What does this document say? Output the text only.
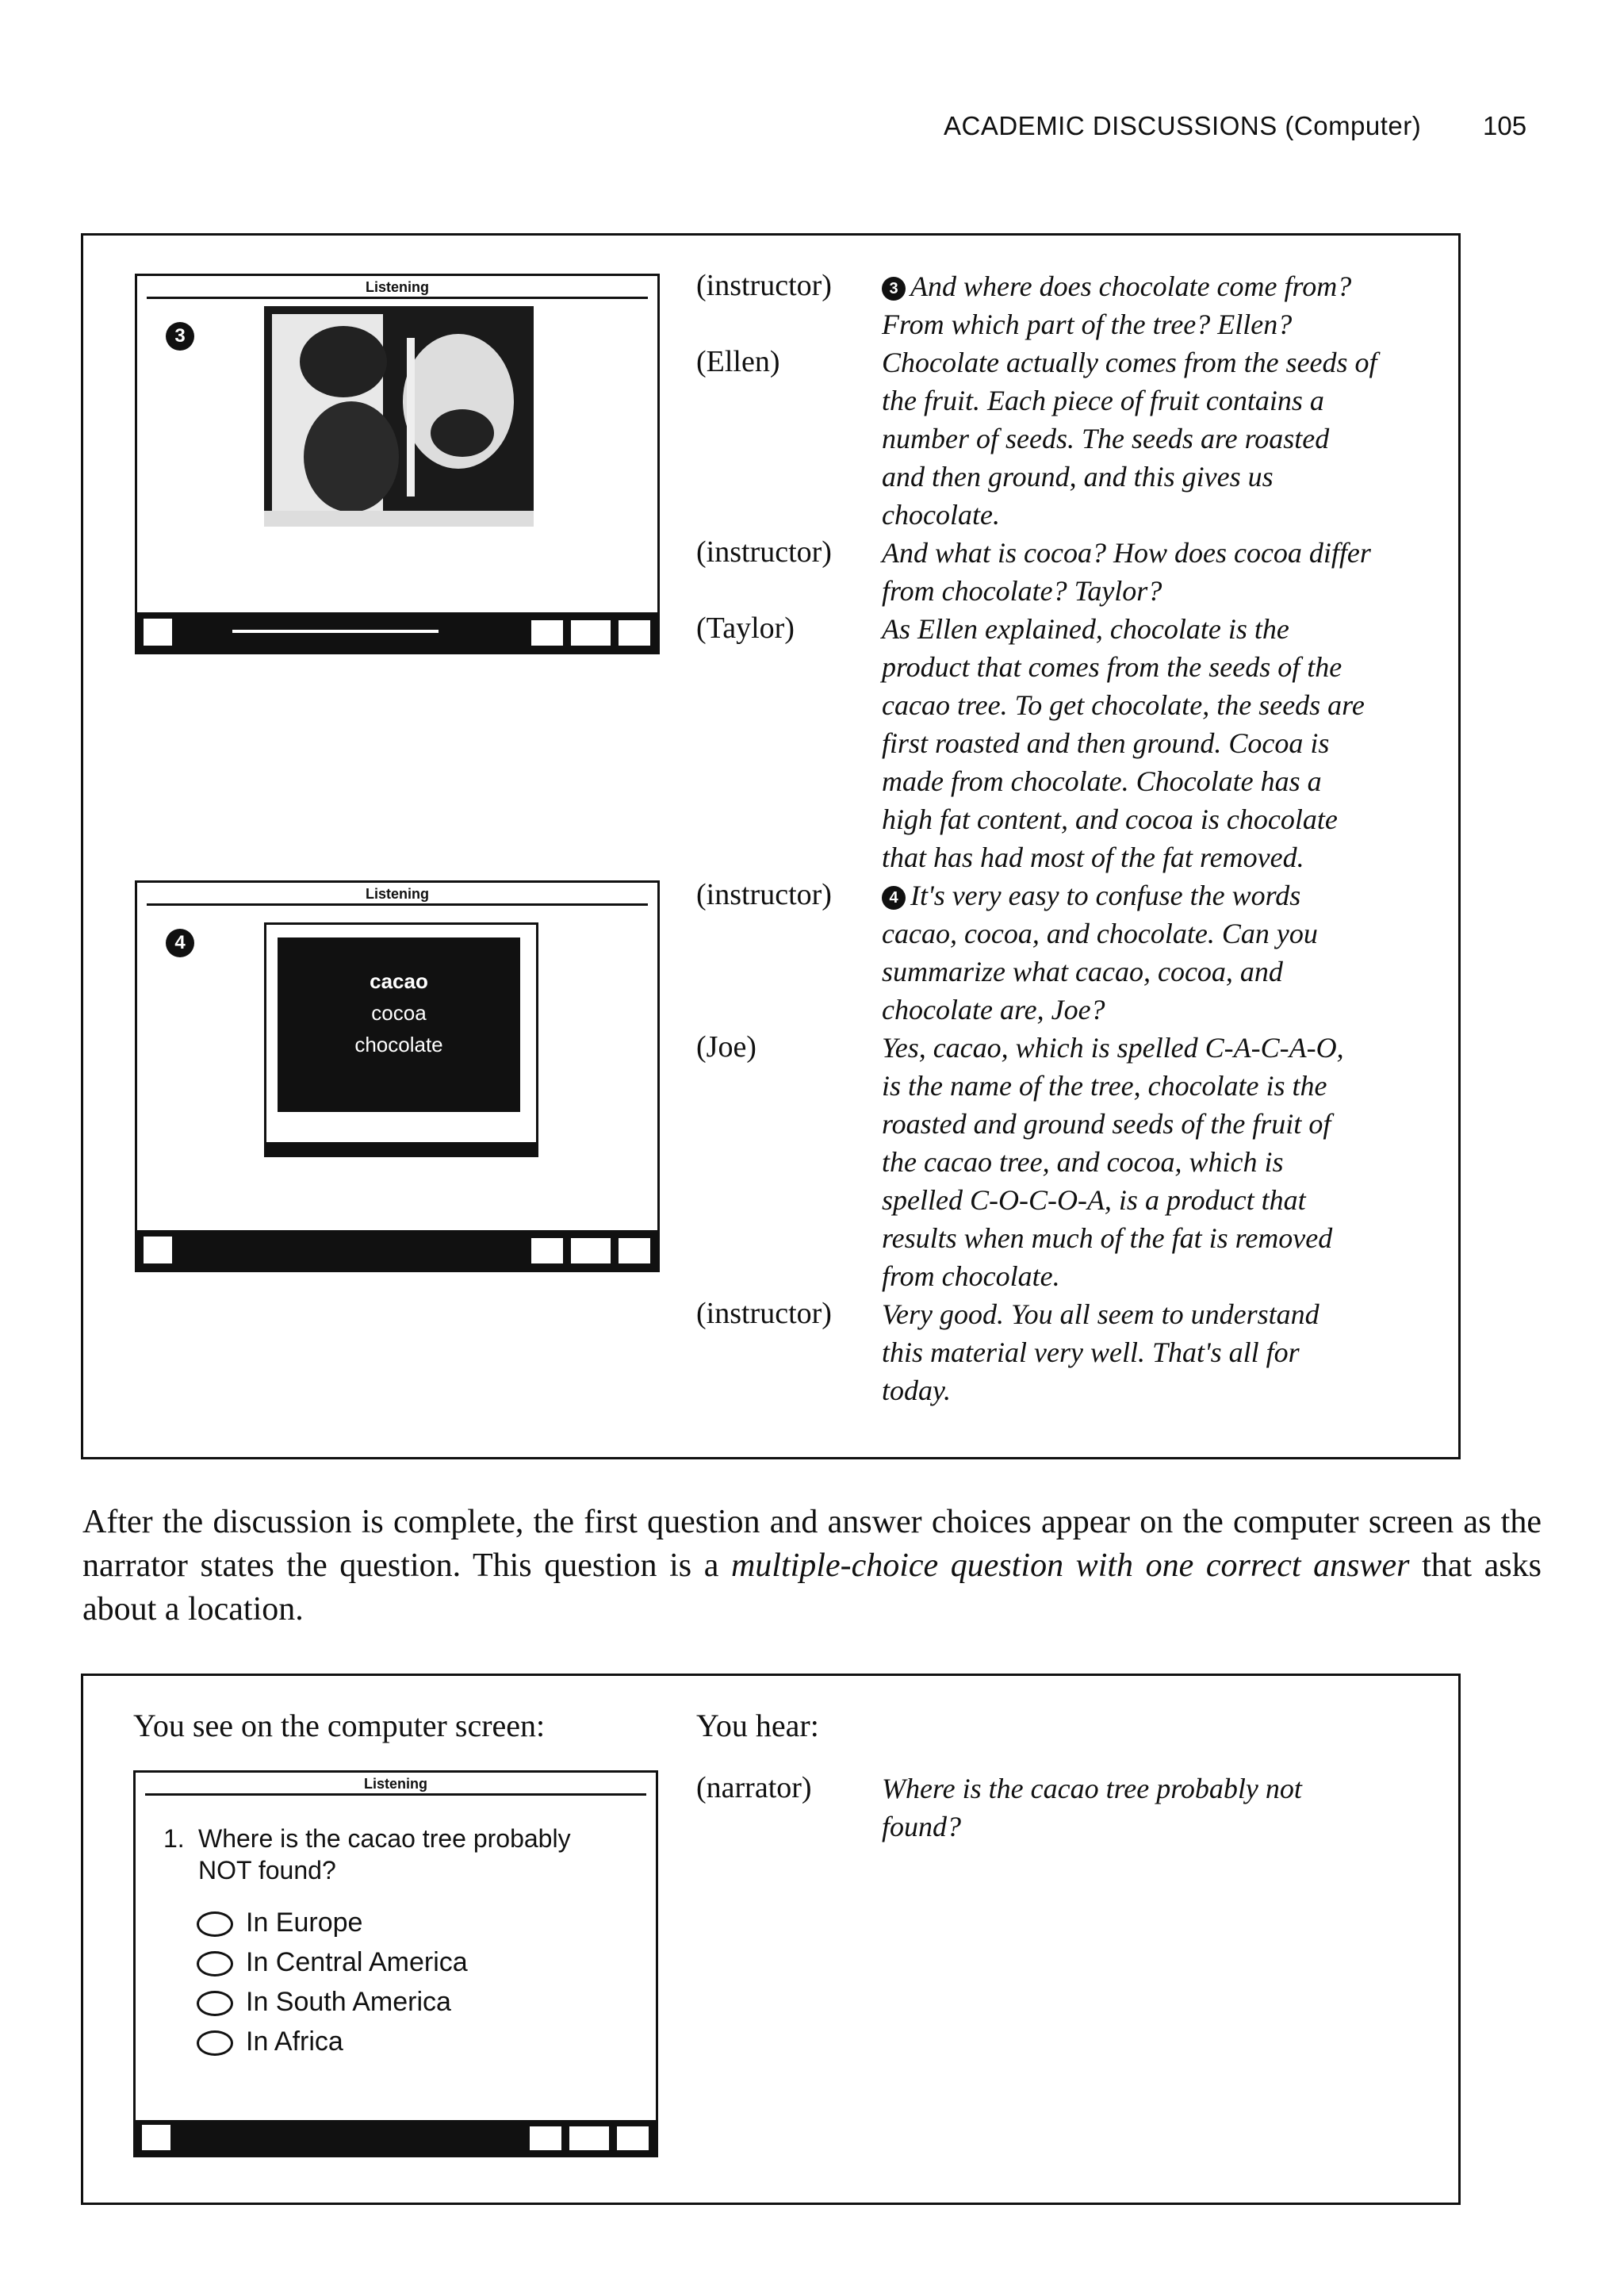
ACADEMIC DISCUSSIONS (Computer) 105
Listening
3
Listening
4
cacao
cocoa
chocolate
(instructor)	3 And where does chocolate come from?
From which part of the tree? Ellen?
(Ellen)	Chocolate actually comes from the seeds of
the fruit. Each piece of fruit contains a
number of seeds. The seeds are roasted
and then ground, and this gives us
chocolate.
(instructor) And what is cocoa? How does cocoa differ
from chocolate? Taylor?
(Taylor)	As Ellen explained, chocolate is the
product that comes from the seeds of the
cacao tree. To get chocolate, the seeds are
first roasted and then ground. Cocoa is
made from chocolate. Chocolate has a
high fat content, and cocoa is chocolate
that has had most of the fat removed.
(instructor)	4 It's very easy to confuse the words
cacao, cocoa, and chocolate. Can you
summarize what cacao, cocoa, and
chocolate are, Joe?
(Joe)	Yes, cacao, which is spelled C-A-C-A-O,
is the name of the tree, chocolate is the
roasted and ground seeds of the fruit of
the cacao tree, and cocoa, which is
spelled C-O-C-O-A, is a product that
results when much of the fat is removed
from chocolate.
(instructor) Very good. You all seem to understand
this material very well. That's all for
today.
After the discussion is complete, the first question and answer choices appear on the computer screen as the narrator states the question. This question is a multiple-choice question with one correct answer that asks about a location.
You see on the computer screen:	You hear:
Listening
1. Where is the cacao tree probably
NOT found?
In Europe
In Central America
In South America
In Africa
(narrator) Where is the cacao tree probably not
found?
